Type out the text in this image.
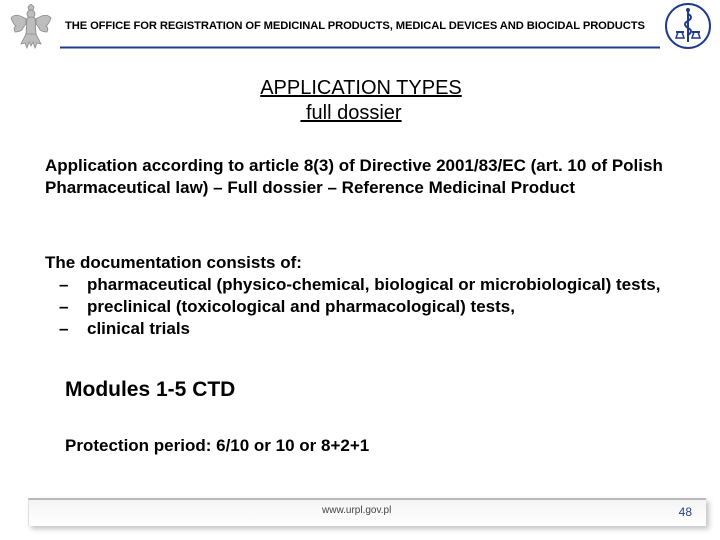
THE OFFICE FOR REGISTRATION OF MEDICINAL PRODUCTS, MEDICAL DEVICES AND BIOCIDAL PRODUCTS
APPLICATION TYPES
full dossier
Application according to article 8(3) of Directive 2001/83/EC (art. 10 of Polish Pharmaceutical law) – Full dossier – Reference Medicinal Product
The documentation consists of:
– pharmaceutical (physico-chemical, biological or microbiological) tests,
– preclinical (toxicological and pharmacological) tests,
– clinical trials
Modules 1-5 CTD
Protection period: 6/10 or 10 or 8+2+1
www.urpl.gov.pl	48
